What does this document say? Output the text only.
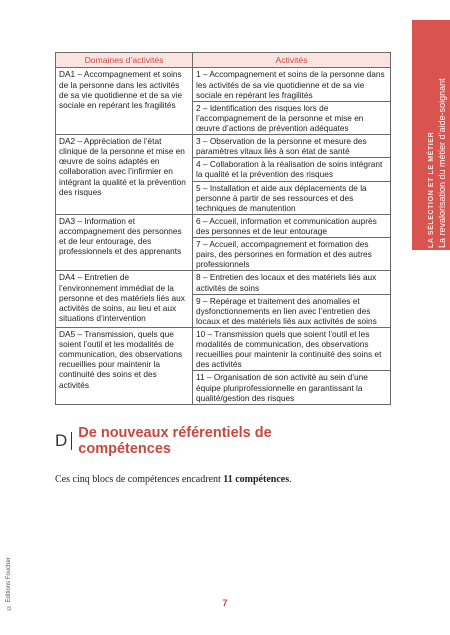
LA SÉLECTION ET LE MÉTIER La revalorisation du métier d’aide-soignant
Domaines d’activités	Activités
DA1 – Accompagnement et soins de la personne dans les activités de sa vie quotidienne et de sa vie sociale en repérant les fragilités	1 – Accompagnement et soins de la personne dans les activités de sa vie quotidienne et de sa vie sociale en repérant les fragilités
	2 – Identification des risques lors de l’accompagnement de la personne et mise en œuvre d’actions de prévention adéquates
DA2 – Appréciation de l’état clinique de la personne et mise en œuvre de soins adaptés en collaboration avec l’infirmier en intégrant la qualité et la prévention des risques	3 – Observation de la personne et mesure des paramètres vitaux liés à son état de santé
	4 – Collaboration à la réalisation de soins intégrant la qualité et la prévention des risques
	5 – Installation et aide aux déplacements de la personne à partir de ses ressources et des techniques de manutention
DA3 – Information et accompagnement des personnes et de leur entourage, des professionnels et des apprenants	6 – Accueil, information et communication auprès des personnes et de leur entourage
	7 – Accueil, accompagnement et formation des pairs, des personnes en formation et des autres professionnels
DA4 – Entretien de l’environnement immédiat de la personne et des matériels liés aux activités de soins, au lieu et aux situations d’intervention	8 – Entretien des locaux et des matériels liés aux activités de soins
	9 – Repérage et traitement des anomalies et dysfonctionnements en lien avec l’entretien des locaux et des matériels liés aux activités de soins
DA5 – Transmission, quels que soient l’outil et les modalités de communication, des observations recueillies pour maintenir la continuité des soins et des activités	10 – Transmission quels que soient l’outil et les modalités de communication, des observations recueillies pour maintenir la continuité des soins et des activités
	11 – Organisation de son activité au sein d’une équipe pluriprofessionnelle en garantissant la qualité/gestion des risques
D De nouveaux référentiels de compétences

Ces cinq blocs de compétences encadrent 11 compétences.

© Éditions Foucher	7
